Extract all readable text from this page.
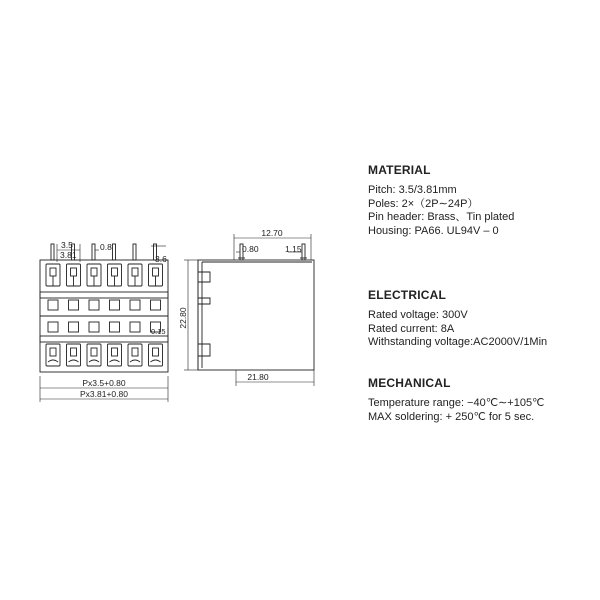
3.5
3.81
0.8
3.6
0.15
Px3.5+0.80
Px3.81+0.80
12.70
0.80	1.15
22.80
21.80
MATERIAL
Pitch: 3.5/3.81mm
Poles: 2×（2P∼24P）
Pin header: Brass、Tin plated
Housing: PA66. UL94V – 0
ELECTRICAL
Rated voltage: 300V
Rated current: 8A
Withstanding voltage:AC2000V/1Min
MECHANICAL
Temperature range: −40℃∼+105℃
MAX soldering: + 250℃ for 5 sec.
